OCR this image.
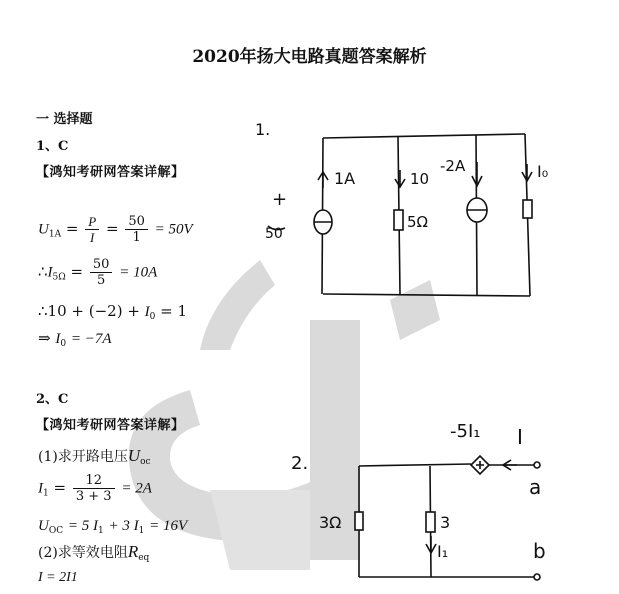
2020年扬大电路真题答案解析
一 选择题
1、C
【鸿知考研网答案详解】
$U_{1A} = \frac{P}{I} = \frac{50}{1} = 50V$
$\therefore I_{5\Omega} = \frac{50}{5} = 10A$
∴10 + $(-2) + I_0 = 1$
⇒ $I_0 = -7A$
2、C
【鸿知考研网答案详解】
(1)求开路电压$U_{oc}$
$I_1 = \frac{12}{3 + 3} = 2A$
$U_{OC} = 5$ $I_1 + 3$ $I_1 = 16V$
(2)求等效电阻$R_{eq}$
I = 2I1
1.
+
50
1A	10
5Ω
-2A	I₀
2.
-5I₁ I
a
b
3Ω	3
I₁
